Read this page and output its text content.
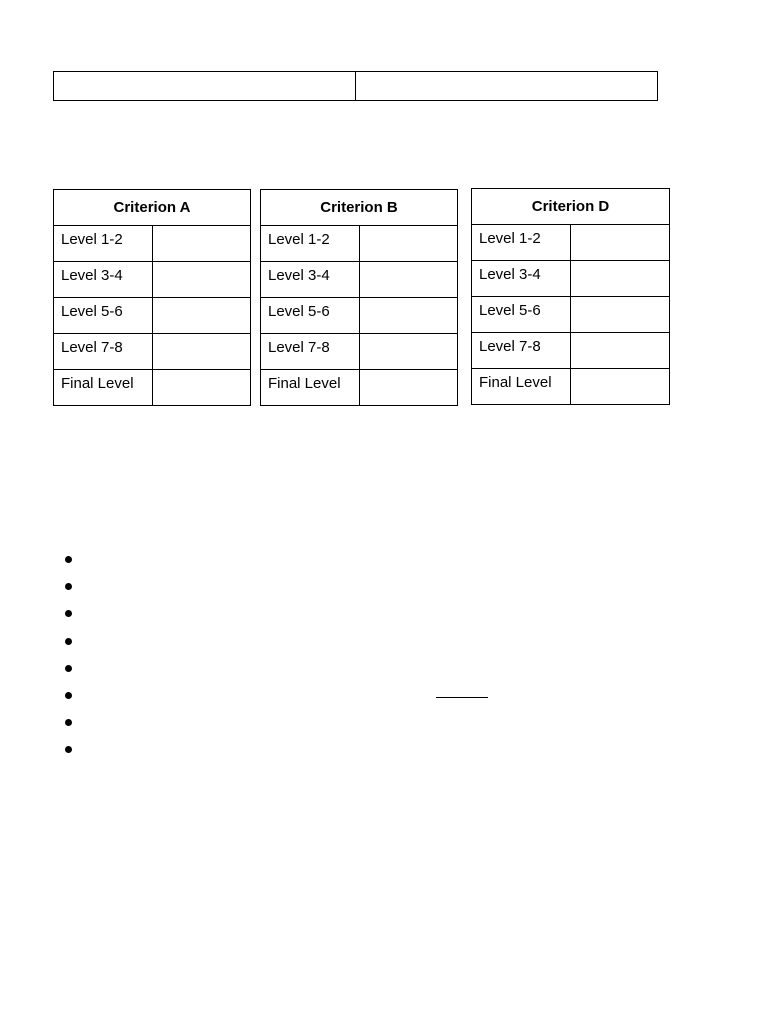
Criterion A	
Level 1-2	
Level 3-4	
Level 5-6	
Level 7-8	
Final Level	
Criterion B	
Level 1-2	
Level 3-4	
Level 5-6	
Level 7-8	
Final Level	
Criterion D	
Level 1-2	
Level 3-4	
Level 5-6	
Level 7-8	
Final Level	
